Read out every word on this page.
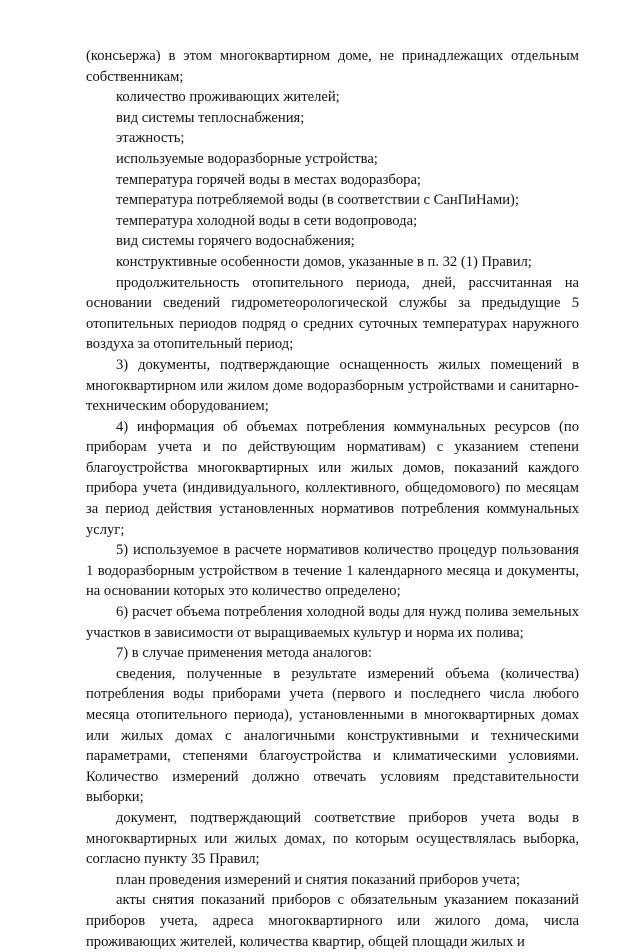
(консьержа) в этом многоквартирном доме, не принадлежащих отдельным собственникам;

количество проживающих жителей;

вид системы теплоснабжения;

этажность;

используемые водоразборные устройства;

температура горячей воды в местах водоразбора;

температура потребляемой воды (в соответствии с СанПиНами);

температура холодной воды в сети водопровода;

вид системы горячего водоснабжения;

конструктивные особенности домов, указанные в п. 32 (1) Правил;

продолжительность отопительного периода, дней, рассчитанная на основании сведений гидрометеорологической службы за предыдущие 5 отопительных периодов подряд о средних суточных температурах наружного воздуха за отопительный период;

3) документы, подтверждающие оснащенность жилых помещений в многоквартирном или жилом доме водоразборным устройствами и санитарно-техническим оборудованием;

4) информация об объемах потребления коммунальных ресурсов (по приборам учета и по действующим нормативам) с указанием степени благоустройства многоквартирных или жилых домов, показаний каждого прибора учета (индивидуального, коллективного, общедомового) по месяцам за период действия установленных нормативов потребления коммунальных услуг;

5) используемое в расчете нормативов количество процедур пользования 1 водоразборным устройством в течение 1 календарного месяца и документы, на основании которых это количество определено;

6) расчет объема потребления холодной воды для нужд полива земельных участков в зависимости от выращиваемых культур и норма их полива;

7) в случае применения метода аналогов:

сведения, полученные в результате измерений объема (количества) потребления воды приборами учета (первого и последнего числа любого месяца отопительного периода), установленными в многоквартирных домах или жилых домах с аналогичными конструктивными и техническими параметрами, степенями благоустройства и климатическими условиями. Количество измерений должно отвечать условиям представительности выборки;

документ, подтверждающий соответствие приборов учета воды в многоквартирных или жилых домах, по которым осуществлялась выборка, согласно пункту 35 Правил;

план проведения измерений и снятия показаний приборов учета;

акты снятия показаний приборов с обязательным указанием показаний приборов учета, адреса многоквартирного или жилого дома, числа проживающих жителей, количества квартир, общей площади жилых и
